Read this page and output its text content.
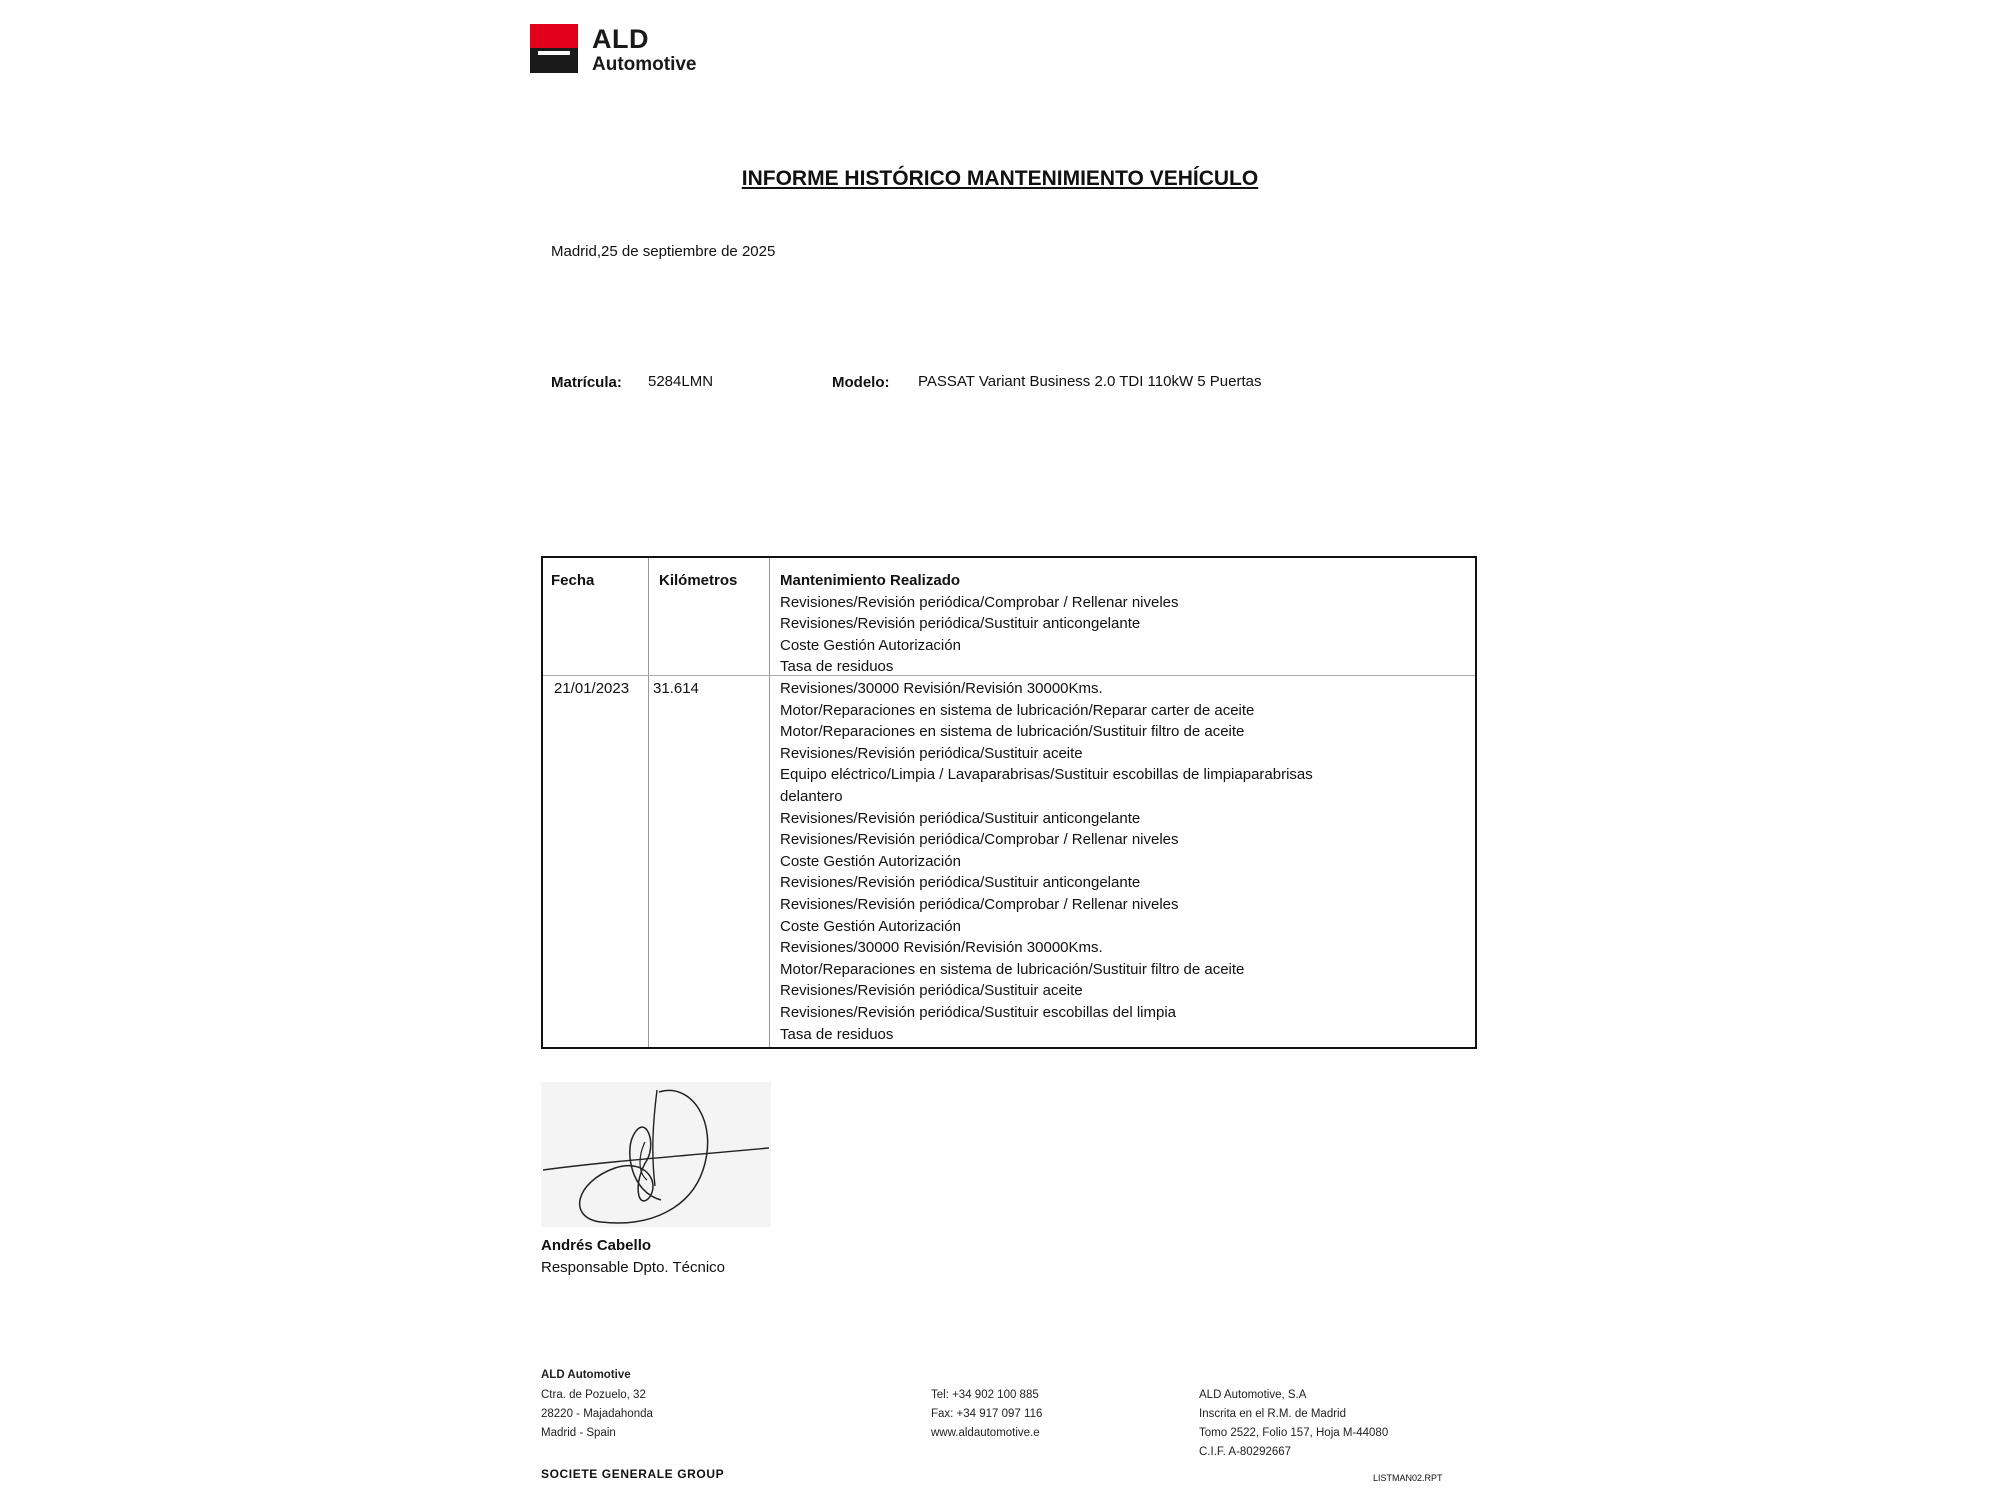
ALD
Automotive
INFORME HISTÓRICO MANTENIMIENTO VEHÍCULO
Madrid,25 de septiembre de 2025
Matrícula: 5284LMN	Modelo: PASSAT Variant Business 2.0 TDI 110kW 5 Puertas
Fecha	Kilómetros	Mantenimiento Realizado
Revisiones/Revisión periódica/Comprobar / Rellenar niveles
Revisiones/Revisión periódica/Sustituir anticongelante
Coste Gestión Autorización
Tasa de residuos
21/01/2023 31.614	Revisiones/30000 Revisión/Revisión 30000Kms.
Motor/Reparaciones en sistema de lubricación/Reparar carter de aceite
Motor/Reparaciones en sistema de lubricación/Sustituir filtro de aceite
Revisiones/Revisión periódica/Sustituir aceite
Equipo eléctrico/Limpia / Lavaparabrisas/Sustituir escobillas de limpiaparabrisas
delantero
Revisiones/Revisión periódica/Sustituir anticongelante
Revisiones/Revisión periódica/Comprobar / Rellenar niveles
Coste Gestión Autorización
Revisiones/Revisión periódica/Sustituir anticongelante
Revisiones/Revisión periódica/Comprobar / Rellenar niveles
Coste Gestión Autorización
Revisiones/30000 Revisión/Revisión 30000Kms.
Motor/Reparaciones en sistema de lubricación/Sustituir filtro de aceite
Revisiones/Revisión periódica/Sustituir aceite
Revisiones/Revisión periódica/Sustituir escobillas del limpia
Tasa de residuos
Andrés Cabello
Responsable Dpto. Técnico
ALD Automotive
Ctra. de Pozuelo, 32
28220 - Majadahonda
Madrid - Spain
Tel: +34 902 100 885
Fax: +34 917 097 116
www.aldautomotive.e
ALD Automotive, S.A
Inscrita en el R.M. de Madrid
Tomo 2522, Folio 157, Hoja M-44080
C.I.F. A-80292667
SOCIETE GENERALE GROUP	LISTMAN02.RPT
